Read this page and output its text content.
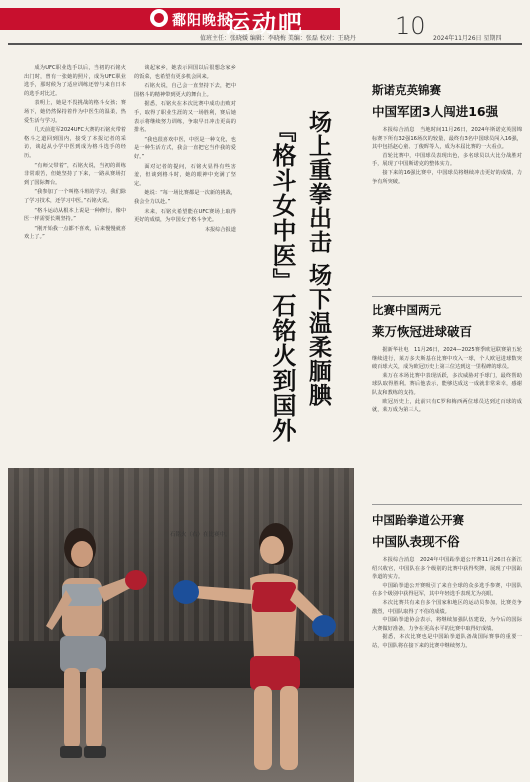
鄱阳晚报
运动吧
值班主任：张晓媛 编辑：李晓梅 美编：张磊 校对：王晓丹 10 2024年11月26日 星期四

成为UFC职业选手以后，当初的石铭火出门时，曾有一张她的照片，成为UFC职业选手，那时候为了适应训练还曾与来自日本的选手对比过。

表明上，她是不畏挑战的格斗女孩；赛场下，她仍然保持着作为中医生的温柔，热爱生活与学习。

几天前进军2024UFC大赛的石铭火带着格斗之道回到国内，接受了本报记者的采访，谈起从小学中医到成为格斗选手的经历。

“有师父带着”，石铭火说，当初的训练非常艰苦，但她坚持了下来，一路从赛场打到了国际舞台。

“我参加了一个叫格斗班的学习，我们除了学习技术，还学习中医。”石铭火说。

“格斗运动从根本上说是一种修行，像中医一样需要长期坚持。”

“刚开始我一点都不喜欢，后来慢慢就喜欢上了。”

谈起家乡，她表示回国以后很想念家乡的饭菜，也希望有更多机会回来。

石铭火说，自己会一直坚持下去，把中国格斗的精神带到更大的舞台上。

据悉，石铭火在本次比赛中成功击败对手，取得了职业生涯的又一场胜利，赛后她表示将继续努力训练，争取早日冲击更高的排名。

“我也很喜欢中医，中医是一种文化，也是一种生活方式，我会一直把它当作我的爱好。”

面对记者的提问，石铭火显得有些害羞，但谈到格斗时，她的眼神中充满了坚定。

她说：“每一场比赛都是一次新的挑战，我会全力以赴。”

未来，石铭火希望能在UFC赛场上取得更好的成绩，为中国女子格斗争光。

本报综合报道	场上重拳出击 场下温柔腼腆
『格斗女中医』石铭火到国外
石铭火（右）在比赛中。
斯诺克英锦赛
中国军团3人闯进16强

本报综合消息　当地时间11月26日，2024年斯诺克英国锦标赛下所有32强16场次的较量，最终有3名中国球员闯入16强，其中包括赵心童、丁俊晖等人，成为本届比赛的一大看点。

首轮比赛中，中国球员表现出色，多名球员以大比分战胜对手，展现了中国斯诺克的整体实力。

接下来的16强比赛中，中国球员将继续冲击更好的成绩，力争有所突破。

比赛中国两元
莱万恢冠进球破百

据新华社电　11月26日，2024—2025赛季欧冠联赛第五轮继续进行，莱万多夫斯基在比赛中攻入一球，个人欧冠进球数突破百球大关，成为欧冠历史上第三位达到这一里程碑的球员。

莱万在本场比赛中表现活跃，多次威胁对手球门，最终帮助球队取得胜利。赛后他表示，能够达成这一成就非常荣幸，感谢队友和教练的支持。

欧冠历史上，此前只有C罗和梅西两位球员达到过百球的成就，莱万成为第三人。

中国跆拳道公开赛
中国队表现不俗

本报综合消息　2024年中国跆拳道公开赛11月26日在浙江绍兴收官，中国队在多个级别的比赛中获得奖牌，展现了中国跆拳道的实力。

中国跆拳道公开赛吸引了来自全球的众多选手参赛，中国队在多个级别中获得冠军，其中年轻选手表现尤为亮眼。

本次比赛共有来自多个国家和地区的运动员参加，比赛竞争激烈，中国队取得了不俗的成绩。

中国跆拳道协会表示，将继续加强队伍建设，为今后的国际大赛做好准备，力争在更高水平的比赛中取得好成绩。

据悉，本次比赛也是中国跆拳道队备战国际赛事的重要一站，中国队将在接下来的比赛中继续努力。
